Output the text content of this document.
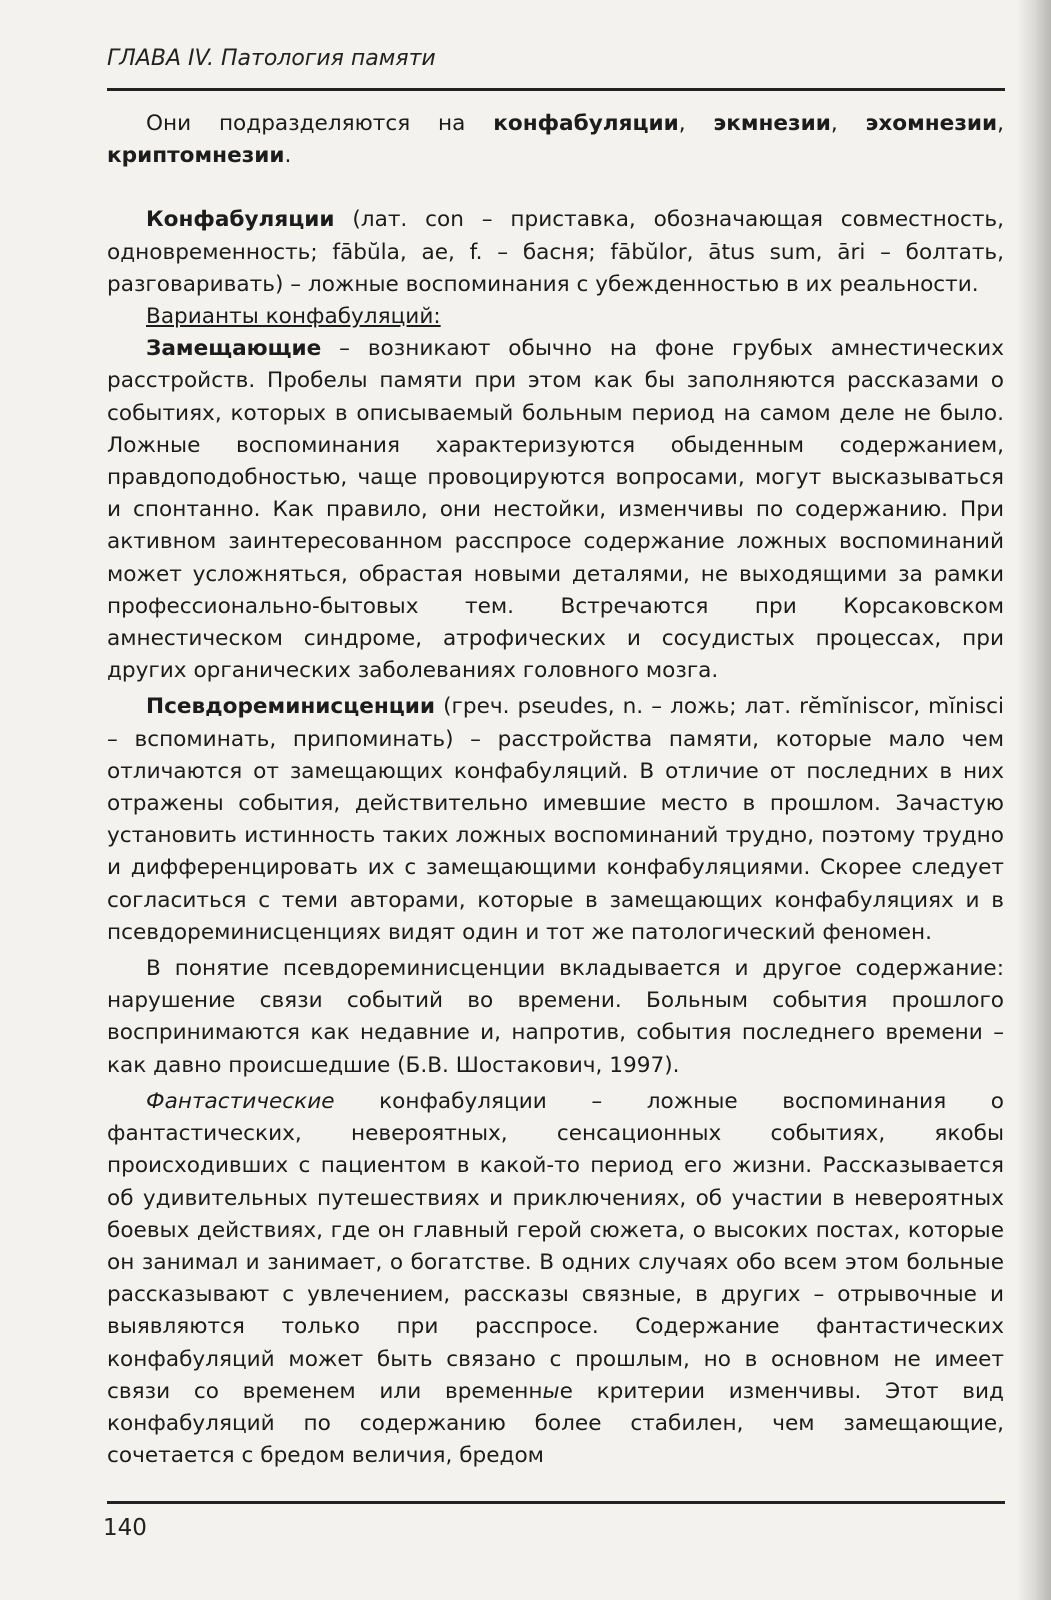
ГЛАВА IV. Патология памяти

Они подразделяются на конфабуляции, экмнезии, эхомнезии, криптомнезии.

Конфабуляции (лат. con – приставка, обозначающая совместность, одновременность; fābŭla, ae, f. – басня; fābŭlor, ātus sum, āri – болтать, разговаривать) – ложные воспоминания с убежденностью в их реальности.

Варианты конфабуляций:

Замещающие – возникают обычно на фоне грубых амнестических расстройств. Пробелы памяти при этом как бы заполняются рассказами о событиях, которых в описываемый больным период на самом деле не было. Ложные воспоминания характеризуются обыденным содержанием, правдоподобностью, чаще провоцируются вопросами, могут высказываться и спонтанно. Как правило, они нестойки, изменчивы по содержанию. При активном заинтересованном расспросе содержание ложных воспоминаний может усложняться, обрастая новыми деталями, не выходящими за рамки профессионально-бытовых тем. Встречаются при Корсаковском амнестическом синдроме, атрофических и сосудистых процессах, при других органических заболеваниях головного мозга.

Псевдореминисценции (греч. pseudes, n. – ложь; лат. rĕmĭniscor, mĭnisci – вспоминать, припоминать) – расстройства памяти, которые мало чем отличаются от замещающих конфабуляций. В отличие от последних в них отражены события, действительно имевшие место в прошлом. Зачастую установить истинность таких ложных воспоминаний трудно, поэтому трудно и дифференцировать их с замещающими конфабуляциями. Скорее следует согласиться с теми авторами, которые в замещающих конфабуляциях и в псевдореминисценциях видят один и тот же патологический феномен.

В понятие псевдореминисценции вкладывается и другое содержание: нарушение связи событий во времени. Больным события прошлого воспринимаются как недавние и, напротив, события последнего времени – как давно происшедшие (Б.В. Шостакович, 1997).

Фантастические конфабуляции – ложные воспоминания о фантастических, невероятных, сенсационных событиях, якобы происходивших с пациентом в какой-то период его жизни. Рассказывается об удивительных путешествиях и приключениях, об участии в невероятных боевых действиях, где он главный герой сюжета, о высоких постах, которые он занимал и занимает, о богатстве. В одних случаях обо всем этом больные рассказывают с увлечением, рассказы связные, в других – отрывочные и выявляются только при расспросе. Содержание фантастических конфабуляций может быть связано с прошлым, но в основном не имеет связи со временем или временные критерии изменчивы. Этот вид конфабуляций по содержанию более стабилен, чем замещающие, сочетается с бредом величия, бредом

140
